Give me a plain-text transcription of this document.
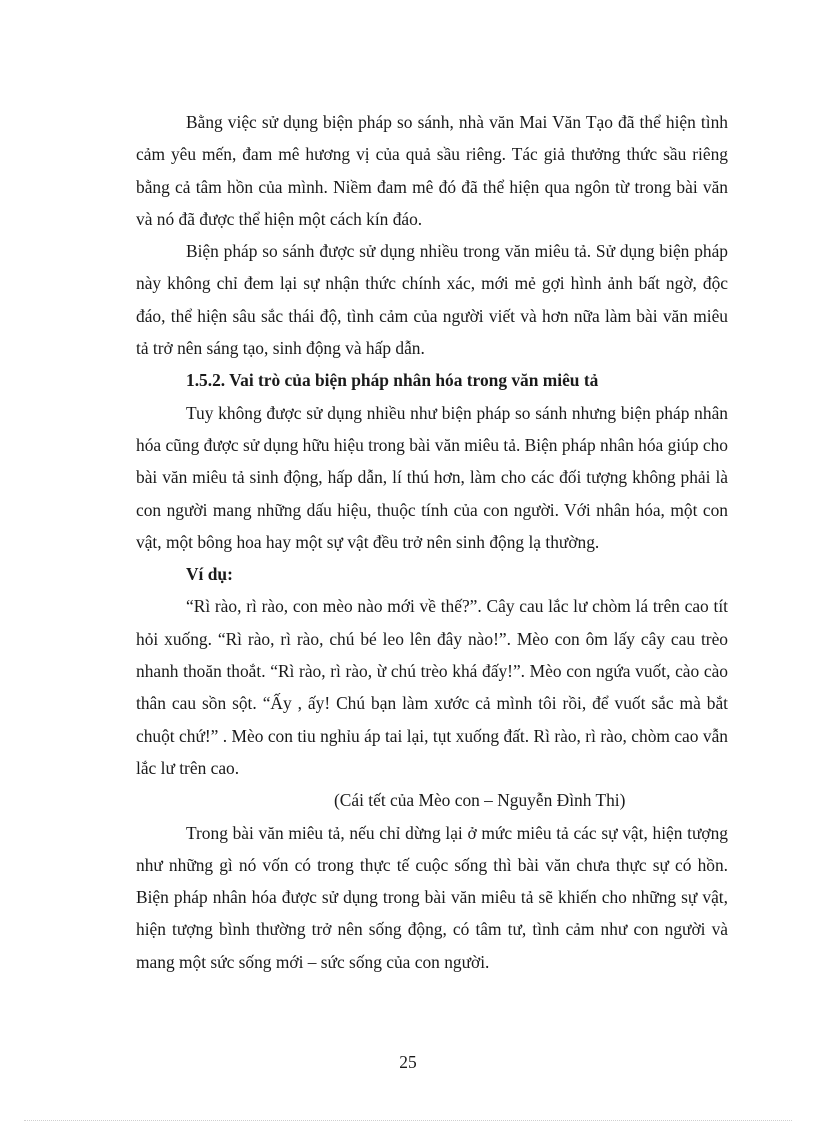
Bằng việc sử dụng biện pháp so sánh, nhà văn Mai Văn Tạo đã thể hiện tình cảm yêu mến, đam mê hương vị của quả sầu riêng. Tác giả thưởng thức sầu riêng bằng cả tâm hồn của mình. Niềm đam mê đó đã thể hiện qua ngôn từ trong bài văn và nó đã được thể hiện một cách kín đáo.

Biện pháp so sánh được sử dụng nhiều trong văn miêu tả. Sử dụng biện pháp này không chỉ đem lại sự nhận thức chính xác, mới mẻ gợi hình ảnh bất ngờ, độc đáo, thể hiện sâu sắc thái độ, tình cảm của người viết và hơn nữa làm bài văn miêu tả trở nên sáng tạo, sinh động và hấp dẫn.

1.5.2. Vai trò của biện pháp nhân hóa trong văn miêu tả

Tuy không được sử dụng nhiều như biện pháp so sánh nhưng biện pháp nhân hóa cũng được sử dụng hữu hiệu trong bài văn miêu tả. Biện pháp nhân hóa giúp cho bài văn miêu tả sinh động, hấp dẫn, lí thú hơn, làm cho các đối tượng không phải là con người mang những dấu hiệu, thuộc tính của con người. Với nhân hóa, một con vật, một bông hoa hay một sự vật đều trở nên sinh động lạ thường.

Ví dụ:

“Rì rào, rì rào, con mèo nào mới về thế?”. Cây cau lắc lư chòm lá trên cao tít hỏi xuống. “Rì rào, rì rào, chú bé leo lên đây nào!”. Mèo con ôm lấy cây cau trèo nhanh thoăn thoắt. “Rì rào, rì rào, ừ chú trèo khá đấy!”. Mèo con ngứa vuốt, cào cào thân cau sồn sột. “Ấy , ấy! Chú bạn làm xước cả mình tôi rồi, để vuốt sắc mà bắt chuột chứ!” . Mèo con tiu nghỉu áp tai lại, tụt xuống đất. Rì rào, rì rào, chòm cao vẫn lắc lư trên cao.

(Cái tết của Mèo con – Nguyễn Đình Thi)

Trong bài văn miêu tả, nếu chỉ dừng lại ở mức miêu tả các sự vật, hiện tượng như những gì nó vốn có trong thực tế cuộc sống thì bài văn chưa thực sự có hồn. Biện pháp nhân hóa được sử dụng trong bài văn miêu tả sẽ khiến cho những sự vật, hiện tượng bình thường trở nên sống động, có tâm tư, tình cảm như con người và mang một sức sống mới – sức sống của con người.

25
